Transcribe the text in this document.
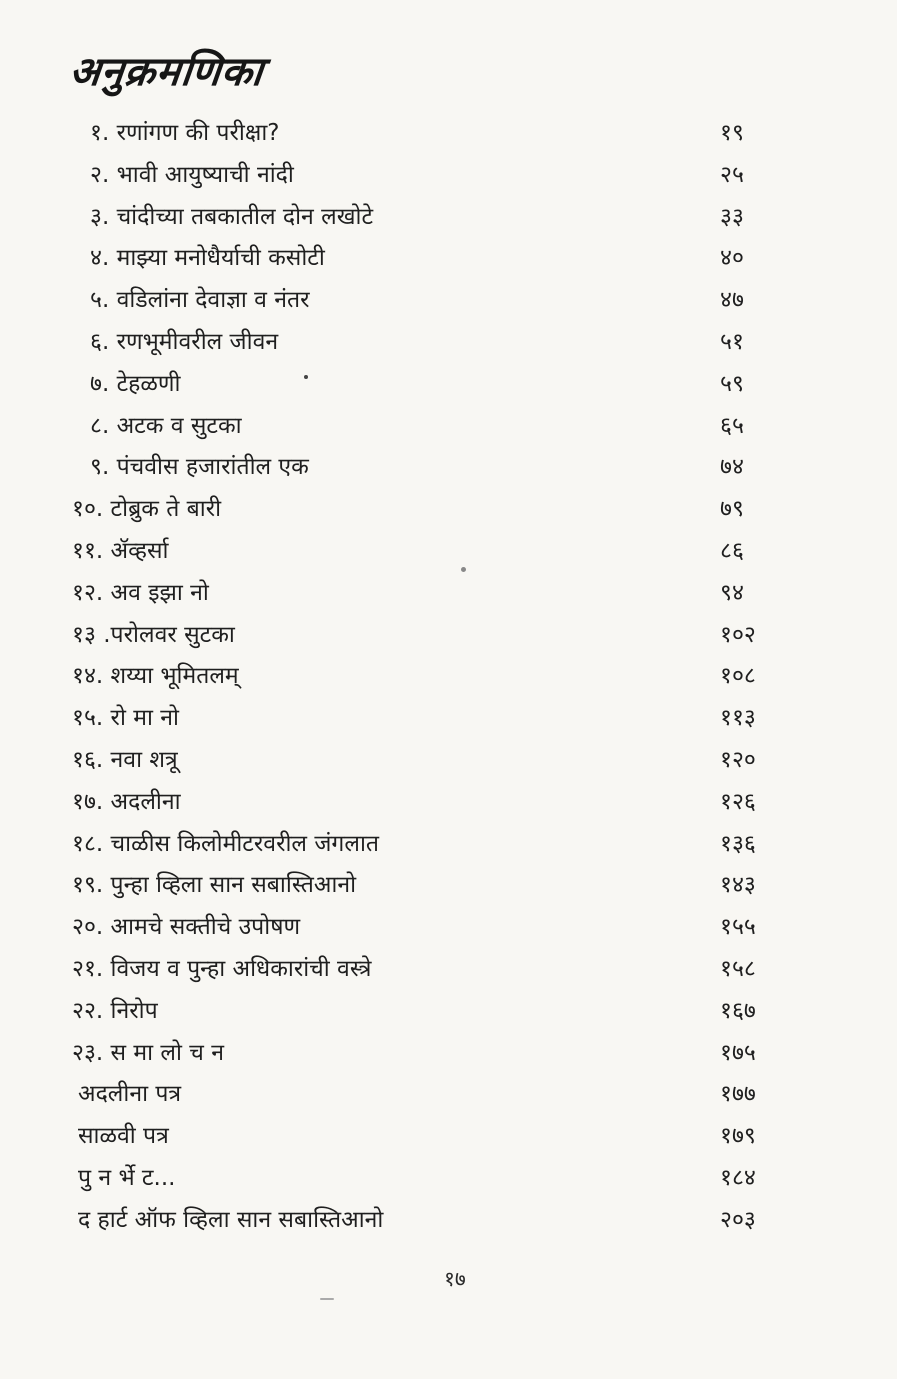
अनुक्रमणिका
१. रणांगण की परीक्षा?	१९
२. भावी आयुष्याची नांदी	२५
३. चांदीच्या तबकातील दोन लखोटे	३३
४. माझ्या मनोधैर्याची कसोटी	४०
५. वडिलांना देवाज्ञा व नंतर	४७
६. रणभूमीवरील जीवन	५१
७. टेहळणी	५९
८. अटक व सुटका	६५
९. पंचवीस हजारांतील एक	७४
१०. टोब्रुक ते बारी	७९
११. ॲव्हर्सा	८६
१२. अव इझा नो	९४
१३ .परोलवर सुटका	१०२
१४. शय्या भूमितलम्	१०८
१५. रो मा नो	११३
१६. नवा शत्रू	१२०
१७. अदलीना	१२६
१८. चाळीस किलोमीटरवरील जंगलात	१३६
१९. पुन्हा व्हिला सान सबास्तिआनो	१४३
२०. आमचे सक्तीचे उपोषण	१५५
२१. विजय व पुन्हा अधिकारांची वस्त्रे	१५८
२२. निरोप	१६७
२३. स मा लो च न	१७५
अदलीना पत्र	१७७
साळवी पत्र	१७९
पु न र्भे ट...	१८४
द हार्ट ऑफ व्हिला सान सबास्तिआनो	२०३
१७
